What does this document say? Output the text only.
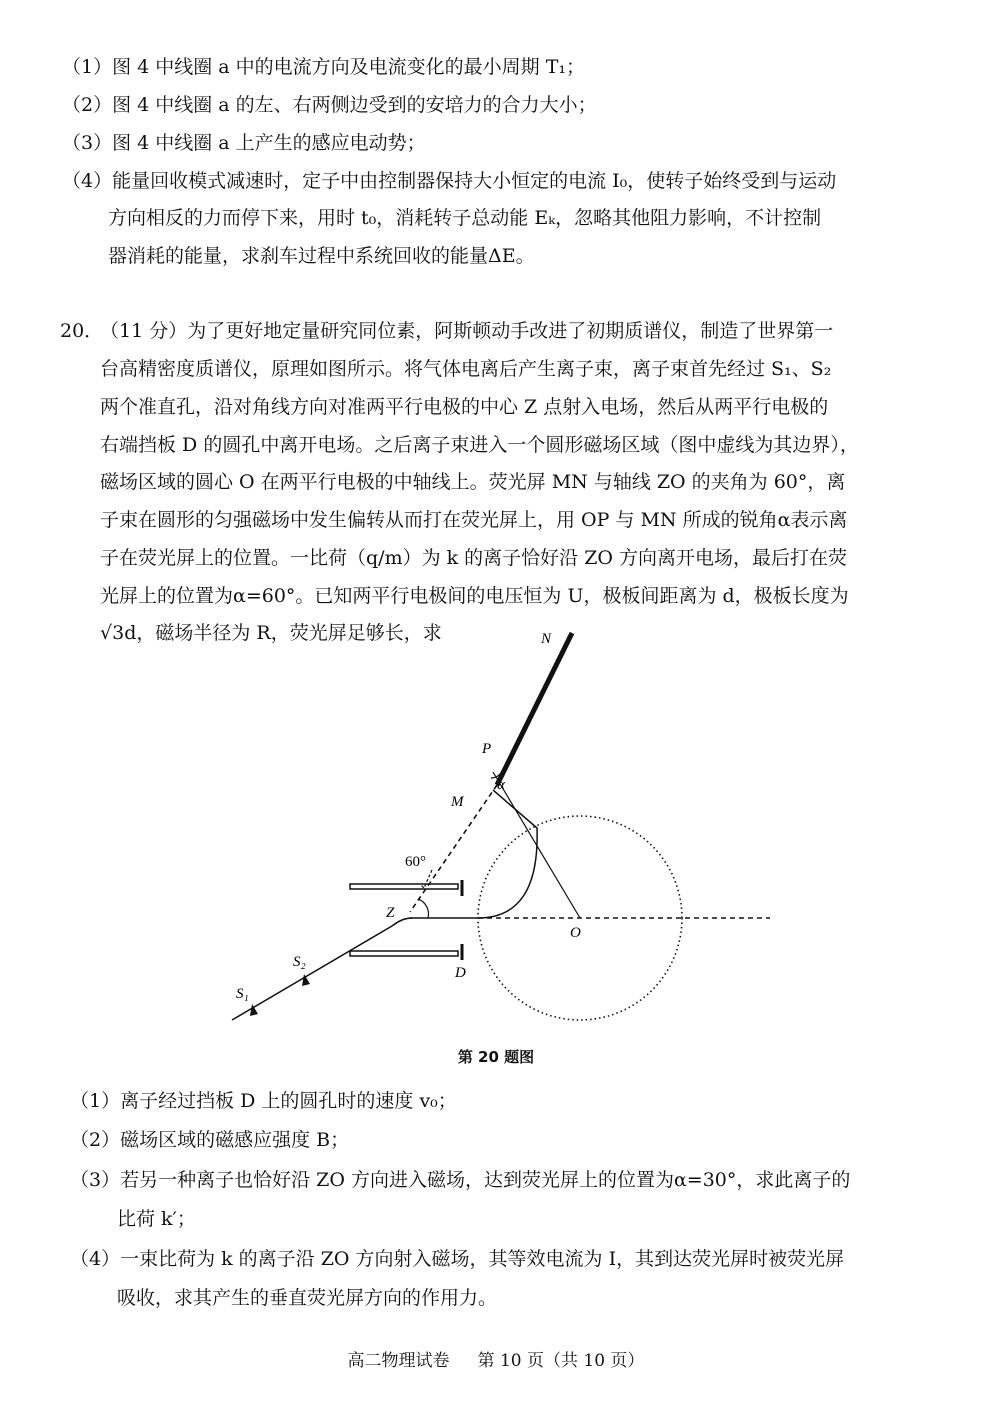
（1）图 4 中线圈 a 中的电流方向及电流变化的最小周期 T₁；
（2）图 4 中线圈 a 的左、右两侧边受到的安培力的合力大小；
（3）图 4 中线圈 a 上产生的感应电动势；
（4）能量回收模式减速时，定子中由控制器保持大小恒定的电流 I₀，使转子始终受到与运动
方向相反的力而停下来，用时 t₀，消耗转子总动能 Eₖ，忽略其他阻力影响，不计控制
器消耗的能量，求刹车过程中系统回收的能量ΔE。
20．
（11 分）为了更好地定量研究同位素，阿斯顿动手改进了初期质谱仪，制造了世界第一
台高精密度质谱仪，原理如图所示。将气体电离后产生离子束，离子束首先经过 S₁、S₂
两个准直孔，沿对角线方向对准两平行电极的中心 Z 点射入电场，然后从两平行电极的
右端挡板 D 的圆孔中离开电场。之后离子束进入一个圆形磁场区域（图中虚线为其边界），
磁场区域的圆心 O 在两平行电极的中轴线上。荧光屏 MN 与轴线 ZO 的夹角为 60°，离
子束在圆形的匀强磁场中发生偏转从而打在荧光屏上，用 OP 与 MN 所成的锐角α表示离
子在荧光屏上的位置。一比荷（q/m）为 k 的离子恰好沿 ZO 方向离开电场，最后打在荧
光屏上的位置为α=60°。已知两平行电极间的电压恒为 U，极板间距离为 d，极板长度为
√3d，磁场半径为 R，荧光屏足够长，求	N
P
α
M
60°
Z
O
D
S₂
S₁
第 20 题图
（1）离子经过挡板 D 上的圆孔时的速度 v₀；
（2）磁场区域的磁感应强度 B；
（3）若另一种离子也恰好沿 ZO 方向进入磁场，达到荧光屏上的位置为α=30°，求此离子的
比荷 k′；
（4）一束比荷为 k 的离子沿 ZO 方向射入磁场，其等效电流为 I，其到达荧光屏时被荧光屏
吸收，求其产生的垂直荧光屏方向的作用力。
高二物理试卷 第 10 页（共 10 页）
